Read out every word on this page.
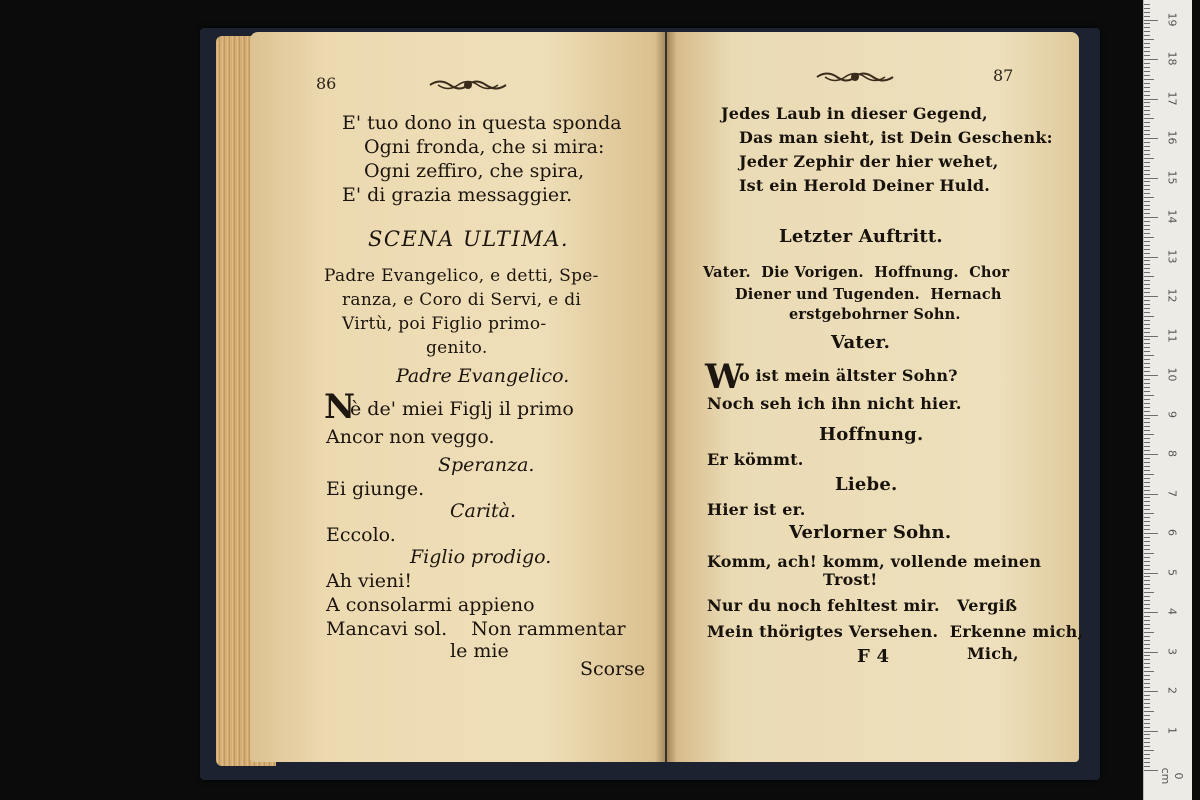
86
E' tuo dono in questa sponda
Ogni fronda, che si mira:
Ogni zeffiro, che spira,
E' di grazia messaggier.
SCENA ULTIMA.
Padre Evangelico, e detti, Spe-
ranza, e Coro di Servi, e di
Virtù, poi Figlio primo-
genito.
Padre Evangelico.
N
è de' miei Figlj il primo
Ancor non veggo.
Speranza.
Ei giunge.
Carità.
Eccolo.
Figlio prodigo.
Ah vieni!
A consolarmi appieno
Mancavi sol.    Non rammentar
le mie
Scorse
87
Jedes Laub in dieser Gegend,
Das man sieht, ist Dein Geschenk:
Jeder Zephir der hier wehet,
Ist ein Herold Deiner Huld.
Letzter Auftritt.
Vater.  Die Vorigen.  Hoffnung.  Chor
Diener und Tugenden.  Hernach
erstgebohrner Sohn.
Vater.
W
o ist mein ältster Sohn?
Noch seh ich ihn nicht hier.
Hoffnung.
Er kömmt.
Liebe.
Hier ist er.
Verlorner Sohn.
Komm, ach! komm, vollende meinen
Trost!
Nur du noch fehltest mir.   Vergiß
Mein thörigtes Versehen.  Erkenne mich,
F 4	Mich,
0 cm
1
2
3
4
5
6
7
8
9
10
11
12
13
14
15
16
17
18
19
